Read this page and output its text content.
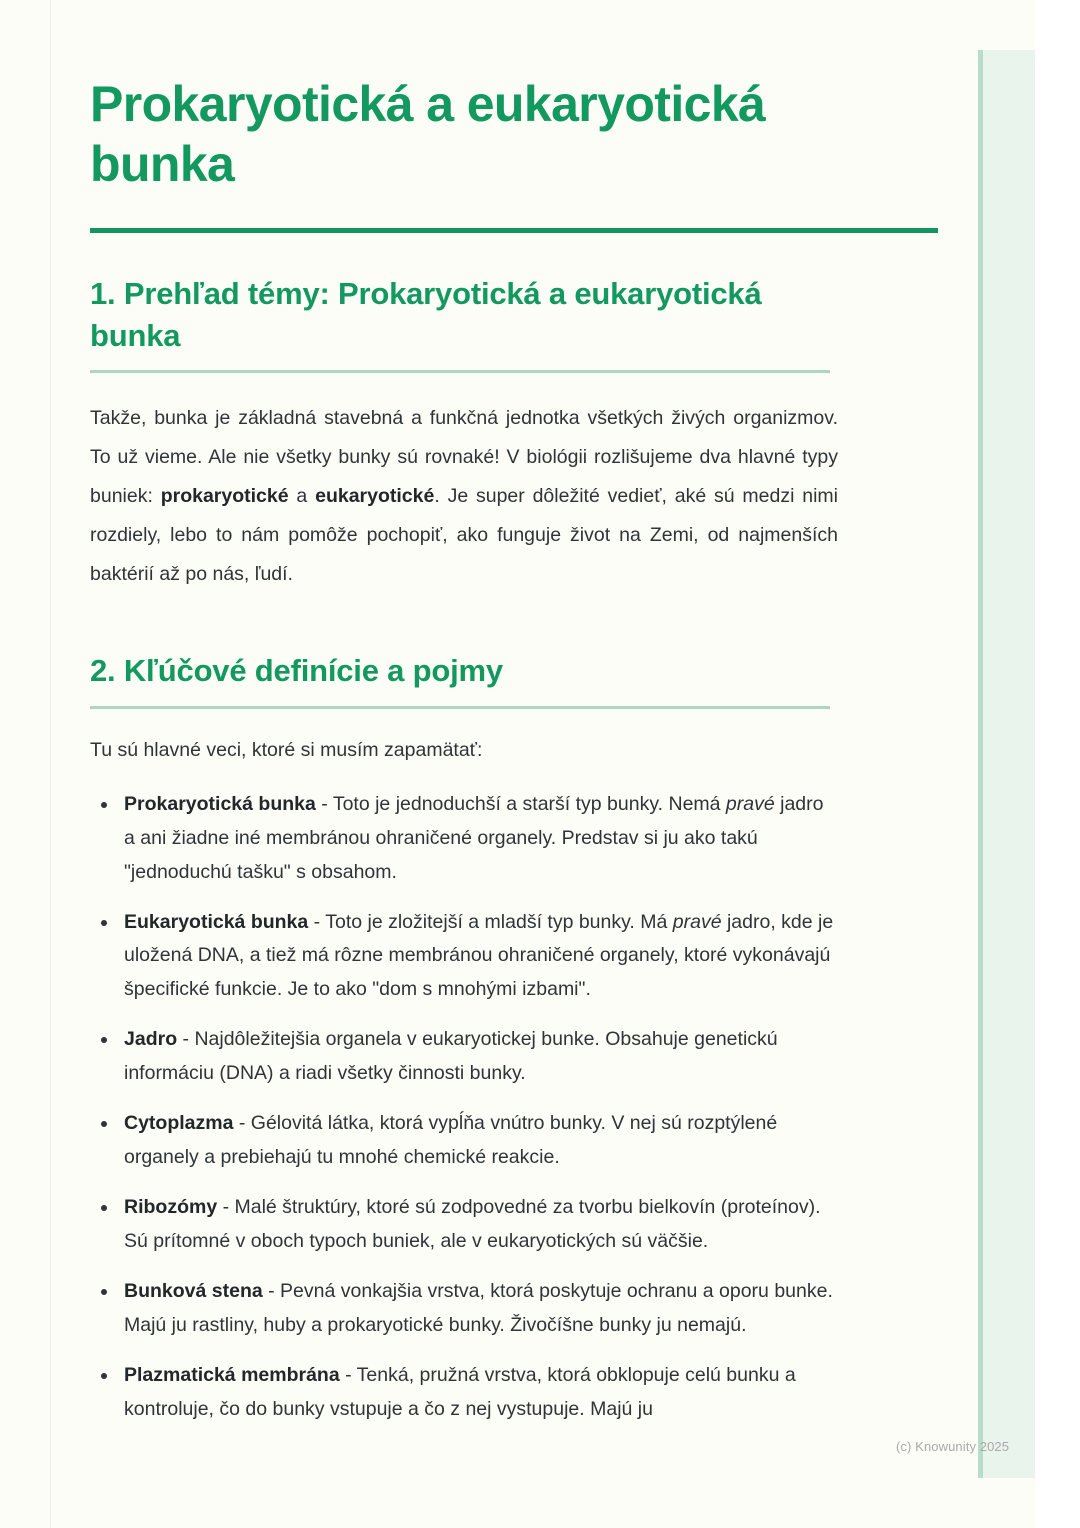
Prokaryotická a eukaryotická bunka
1. Prehľad témy: Prokaryotická a eukaryotická bunka

Takže, bunka je základná stavebná a funkčná jednotka všetkých živých organizmov. To už vieme. Ale nie všetky bunky sú rovnaké! V biológii rozlišujeme dva hlavné typy buniek: prokaryotické a eukaryotické. Je super dôležité vedieť, aké sú medzi nimi rozdiely, lebo to nám pomôže pochopiť, ako funguje život na Zemi, od najmenších baktérií až po nás, ľudí.

2. Kľúčové definície a pojmy

Tu sú hlavné veci, ktoré si musím zapamätať:

Prokaryotická bunka - Toto je jednoduchší a starší typ bunky. Nemá pravé jadro a ani žiadne iné membránou ohraničené organely. Predstav si ju ako takú "jednoduchú tašku" s obsahom.
Eukaryotická bunka - Toto je zložitejší a mladší typ bunky. Má pravé jadro, kde je uložená DNA, a tiež má rôzne membránou ohraničené organely, ktoré vykonávajú špecifické funkcie. Je to ako "dom s mnohými izbami".
Jadro - Najdôležitejšia organela v eukaryotickej bunke. Obsahuje genetickú informáciu (DNA) a riadi všetky činnosti bunky.
Cytoplazma - Gélovitá látka, ktorá vypĺňa vnútro bunky. V nej sú rozptýlené organely a prebiehajú tu mnohé chemické reakcie.
Ribozómy - Malé štruktúry, ktoré sú zodpovedné za tvorbu bielkovín (proteínov). Sú prítomné v oboch typoch buniek, ale v eukaryotických sú väčšie.
Bunková stena - Pevná vonkajšia vrstva, ktorá poskytuje ochranu a oporu bunke. Majú ju rastliny, huby a prokaryotické bunky. Živočíšne bunky ju nemajú.
Plazmatická membrána - Tenká, pružná vrstva, ktorá obklopuje celú bunku a kontroluje, čo do bunky vstupuje a čo z nej vystupuje. Majú ju
(c) Knowunity 2025
